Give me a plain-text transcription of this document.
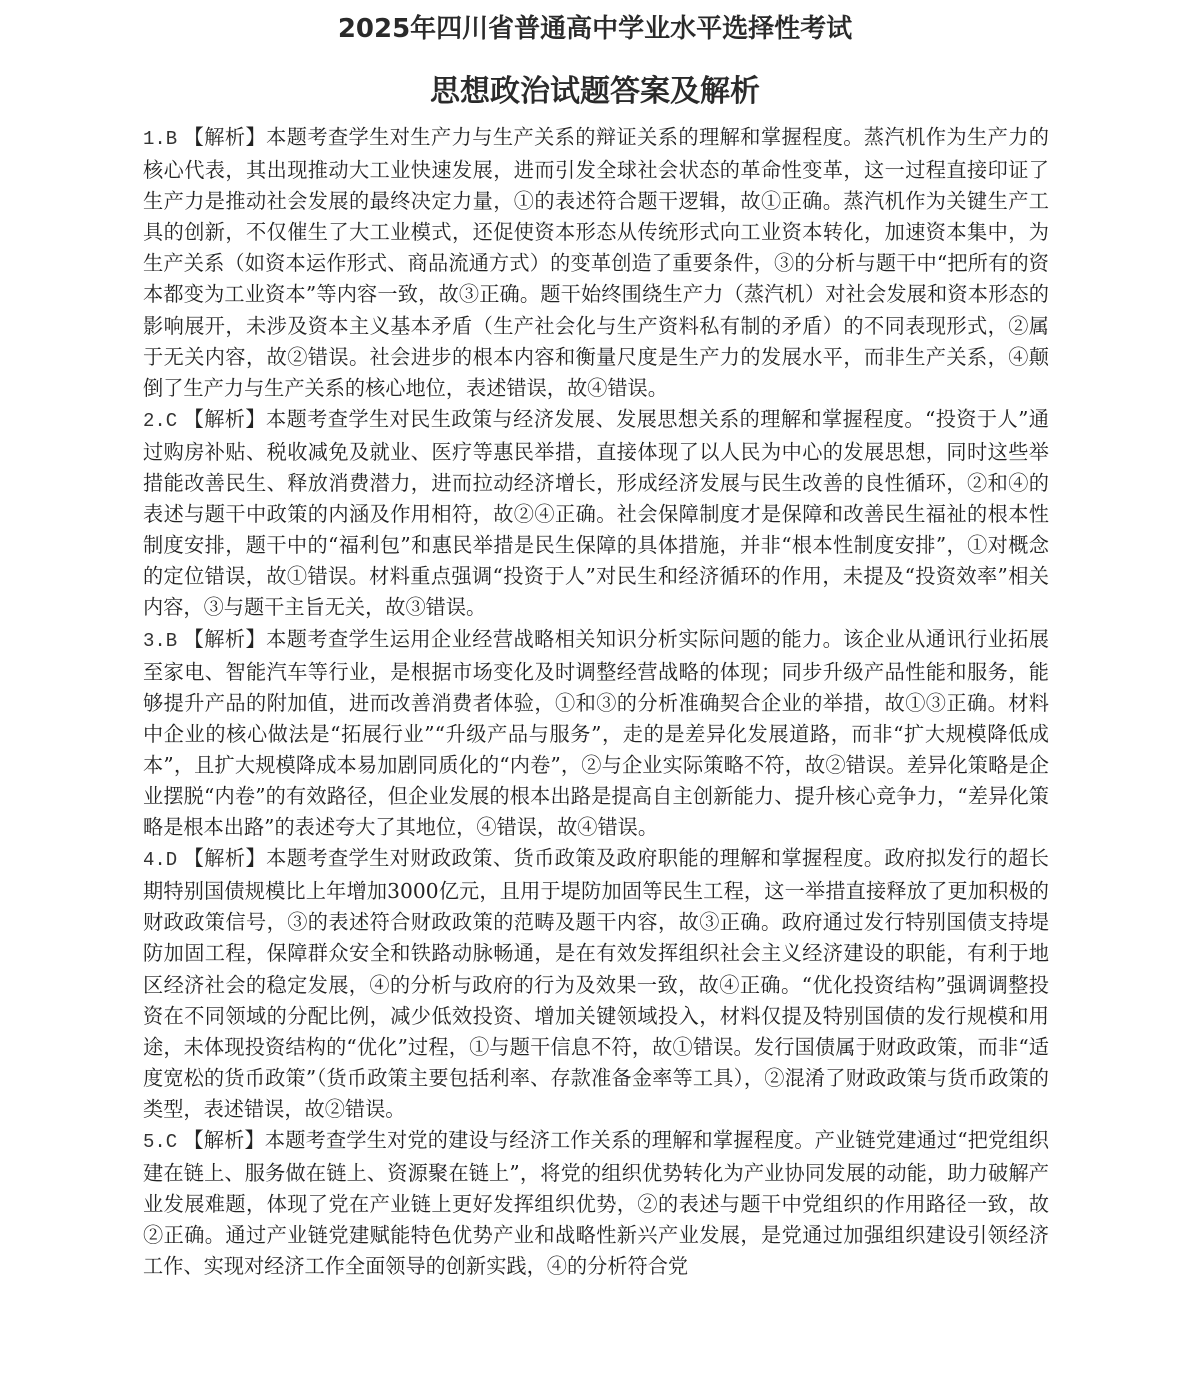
2025年四川省普通高中学业水平选择性考试
思想政治试题答案及解析

1.B 【解析】本题考查学生对生产力与生产关系的辩证关系的理解和掌握程度。蒸汽机作为生产力的核心代表，其出现推动大工业快速发展，进而引发全球社会状态的革命性变革，这一过程直接印证了生产力是推动社会发展的最终决定力量，①的表述符合题干逻辑，故①正确。蒸汽机作为关键生产工具的创新，不仅催生了大工业模式，还促使资本形态从传统形式向工业资本转化，加速资本集中，为生产关系（如资本运作形式、商品流通方式）的变革创造了重要条件，③的分析与题干中“把所有的资本都变为工业资本”等内容一致，故③正确。题干始终围绕生产力（蒸汽机）对社会发展和资本形态的影响展开，未涉及资本主义基本矛盾（生产社会化与生产资料私有制的矛盾）的不同表现形式，②属于无关内容，故②错误。社会进步的根本内容和衡量尺度是生产力的发展水平，而非生产关系，④颠倒了生产力与生产关系的核心地位，表述错误，故④错误。

2.C 【解析】本题考查学生对民生政策与经济发展、发展思想关系的理解和掌握程度。“投资于人”通过购房补贴、税收减免及就业、医疗等惠民举措，直接体现了以人民为中心的发展思想，同时这些举措能改善民生、释放消费潜力，进而拉动经济增长，形成经济发展与民生改善的良性循环，②和④的表述与题干中政策的内涵及作用相符，故②④正确。社会保障制度才是保障和改善民生福祉的根本性制度安排，题干中的“福利包”和惠民举措是民生保障的具体措施，并非“根本性制度安排”，①对概念的定位错误，故①错误。材料重点强调“投资于人”对民生和经济循环的作用，未提及“投资效率”相关内容，③与题干主旨无关，故③错误。

3.B 【解析】本题考查学生运用企业经营战略相关知识分析实际问题的能力。该企业从通讯行业拓展至家电、智能汽车等行业，是根据市场变化及时调整经营战略的体现；同步升级产品性能和服务，能够提升产品的附加值，进而改善消费者体验，①和③的分析准确契合企业的举措，故①③正确。材料中企业的核心做法是“拓展行业”“升级产品与服务”，走的是差异化发展道路，而非“扩大规模降低成本”，且扩大规模降成本易加剧同质化的“内卷”，②与企业实际策略不符，故②错误。差异化策略是企业摆脱“内卷”的有效路径，但企业发展的根本出路是提高自主创新能力、提升核心竞争力，“差异化策略是根本出路”的表述夸大了其地位，④错误，故④错误。

4.D 【解析】本题考查学生对财政政策、货币政策及政府职能的理解和掌握程度。政府拟发行的超长期特别国债规模比上年增加3000亿元，且用于堤防加固等民生工程，这一举措直接释放了更加积极的财政政策信号，③的表述符合财政政策的范畴及题干内容，故③正确。政府通过发行特别国债支持堤防加固工程，保障群众安全和铁路动脉畅通，是在有效发挥组织社会主义经济建设的职能，有利于地区经济社会的稳定发展，④的分析与政府的行为及效果一致，故④正确。“优化投资结构”强调调整投资在不同领域的分配比例，减少低效投资、增加关键领域投入，材料仅提及特别国债的发行规模和用途，未体现投资结构的“优化”过程，①与题干信息不符，故①错误。发行国债属于财政政策，而非“适度宽松的货币政策”（货币政策主要包括利率、存款准备金率等工具），②混淆了财政政策与货币政策的类型，表述错误，故②错误。

5.C 【解析】本题考查学生对党的建设与经济工作关系的理解和掌握程度。产业链党建通过“把党组织建在链上、服务做在链上、资源聚在链上”，将党的组织优势转化为产业协同发展的动能，助力破解产业发展难题，体现了党在产业链上更好发挥组织优势，②的表述与题干中党组织的作用路径一致，故②正确。通过产业链党建赋能特色优势产业和战略性新兴产业发展，是党通过加强组织建设引领经济工作、实现对经济工作全面领导的创新实践，④的分析符合党
